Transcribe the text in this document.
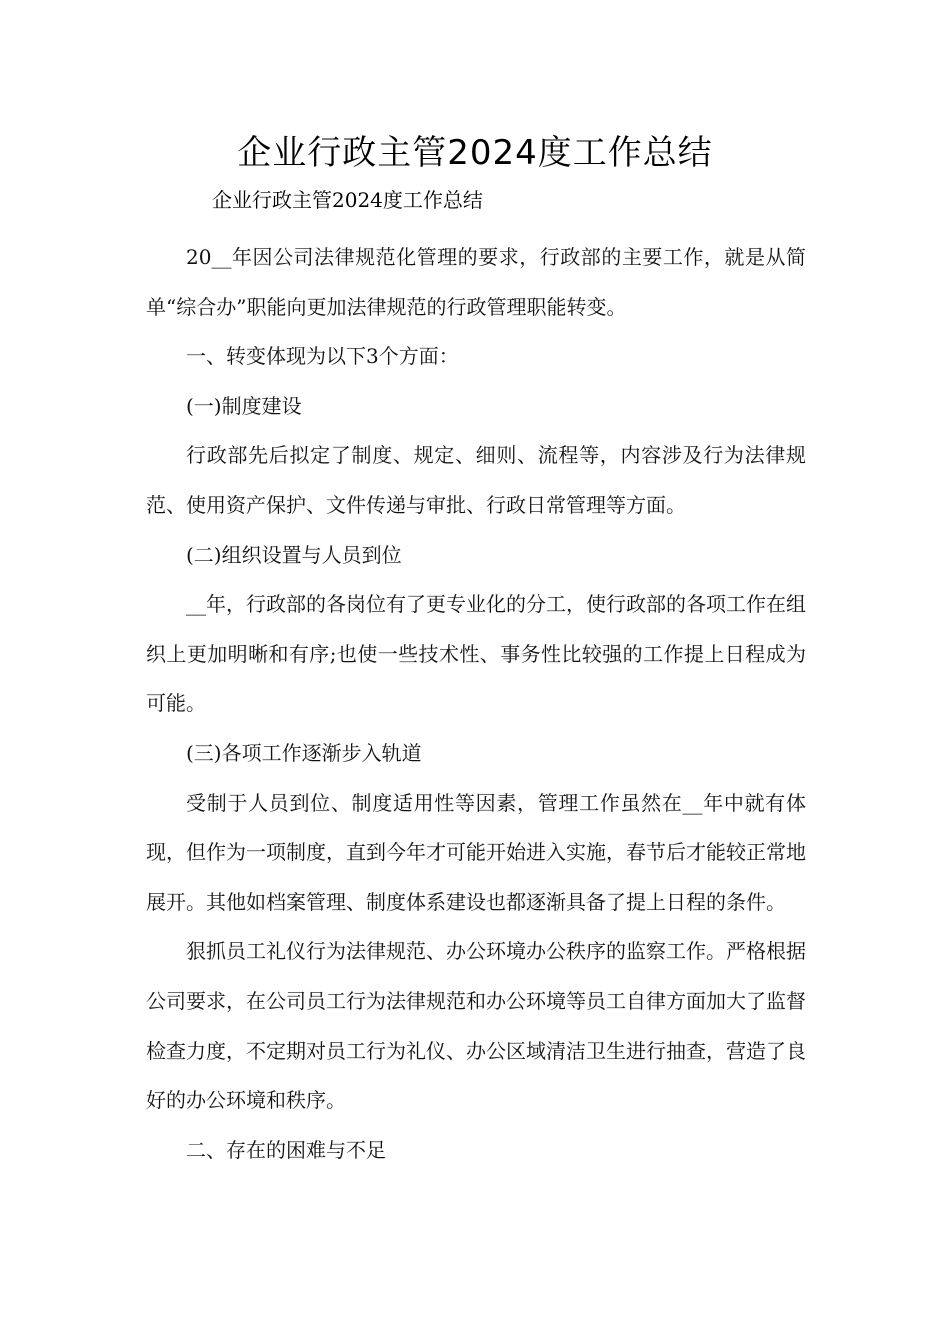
企业行政主管2024度工作总结
企业行政主管2024度工作总结

20__年因公司法律规范化管理的要求，行政部的主要工作，就是从简单“综合办”职能向更加法律规范的行政管理职能转变。

一、转变体现为以下3个方面：

(一)制度建设

行政部先后拟定了制度、规定、细则、流程等，内容涉及行为法律规范、使用资产保护、文件传递与审批、行政日常管理等方面。

(二)组织设置与人员到位

__年，行政部的各岗位有了更专业化的分工，使行政部的各项工作在组织上更加明晰和有序;也使一些技术性、事务性比较强的工作提上日程成为可能。

(三)各项工作逐渐步入轨道

受制于人员到位、制度适用性等因素，管理工作虽然在__年中就有体现，但作为一项制度，直到今年才可能开始进入实施，春节后才能较正常地展开。其他如档案管理、制度体系建设也都逐渐具备了提上日程的条件。

狠抓员工礼仪行为法律规范、办公环境办公秩序的监察工作。严格根据公司要求，在公司员工行为法律规范和办公环境等员工自律方面加大了监督检查力度，不定期对员工行为礼仪、办公区域清洁卫生进行抽查，营造了良好的办公环境和秩序。

二、存在的困难与不足
